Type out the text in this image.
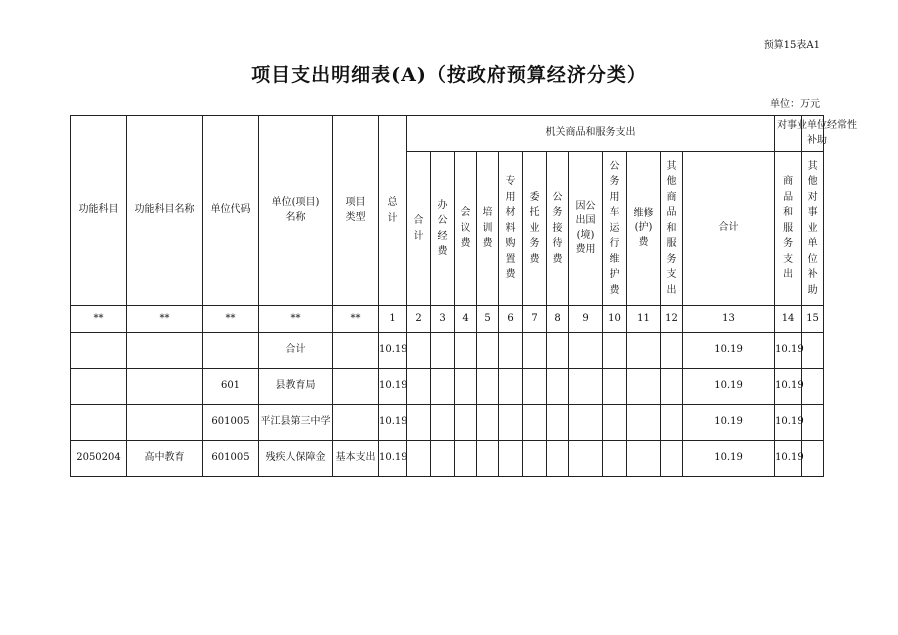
预算15表A1
项目支出明细表(A)（按政府预算经济分类）
单位：万元
功能科目	功能科目名称	单位代码	单位(项目)名称	项目类型	总计	机关商品和服务支出												对事业单位经常性补助		

						合计	办公经费	会议费	培训费	专用材料购置费	委托业务费	公务接待费	因公出国(境)费用	公务用车运行维护费	维修(护)费	其他商品和服务支出	合计	商品和服务支出	其他对事业单位补助	

**	**	**	**	**	1	2	3	4	5	6	7	8	9	10	11	12	13	14	15	
			合计		10.19												10.19	10.19		
		601	县教育局		10.19												10.19	10.19		
		601005	平江县第三中学		10.19												10.19	10.19		
2050204	高中教育	601005	残疾人保障金	基本支出	10.19												10.19	10.19		
